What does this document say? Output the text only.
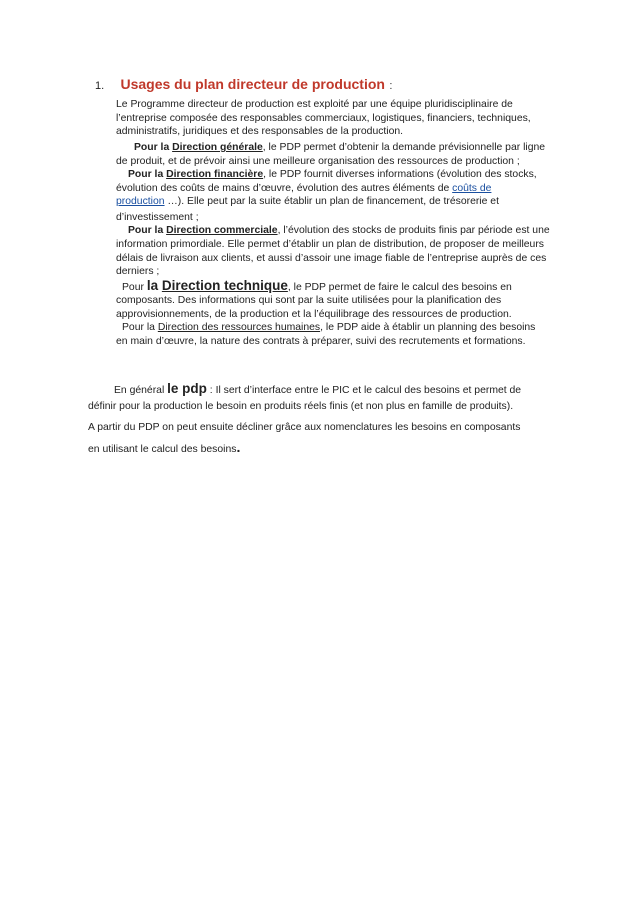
1. Usages du plan directeur de production :
Le Programme directeur de production est exploité par une équipe pluridisciplinaire de
l’entreprise composée des responsables commerciaux, logistiques, financiers, techniques,
administratifs, juridiques et des responsables de la production.
Pour la Direction générale, le PDP permet d’obtenir la demande prévisionnelle par ligne
de produit, et de prévoir ainsi une meilleure organisation des ressources de production ;
Pour la Direction financière, le PDP fournit diverses informations (évolution des stocks,
évolution des coûts de mains d’œuvre, évolution des autres éléments de coûts de
production …). Elle peut par la suite établir un plan de financement, de trésorerie et
d’investissement ;
Pour la Direction commerciale, l’évolution des stocks de produits finis par période est une
information primordiale. Elle permet d’établir un plan de distribution, de proposer de meilleurs
délais de livraison aux clients, et aussi d’assoir une image fiable de l’entreprise auprès de ces
derniers ;
Pour la Direction technique, le PDP permet de faire le calcul des besoins en
composants. Des informations qui sont par la suite utilisées pour la planification des
approvisionnements, de la production et la l’équilibrage des ressources de production.
Pour la Direction des ressources humaines, le PDP aide à établir un planning des besoins
en main d’œuvre, la nature des contrats à préparer, suivi des recrutements et formations.
En général le pdp : Il sert d’interface entre le PIC et le calcul des besoins et permet de
définir pour la production le besoin en produits réels finis (et non plus en famille de produits).
A partir du PDP on peut ensuite décliner grâce aux nomenclatures les besoins en composants
en utilisant le calcul des besoins.
